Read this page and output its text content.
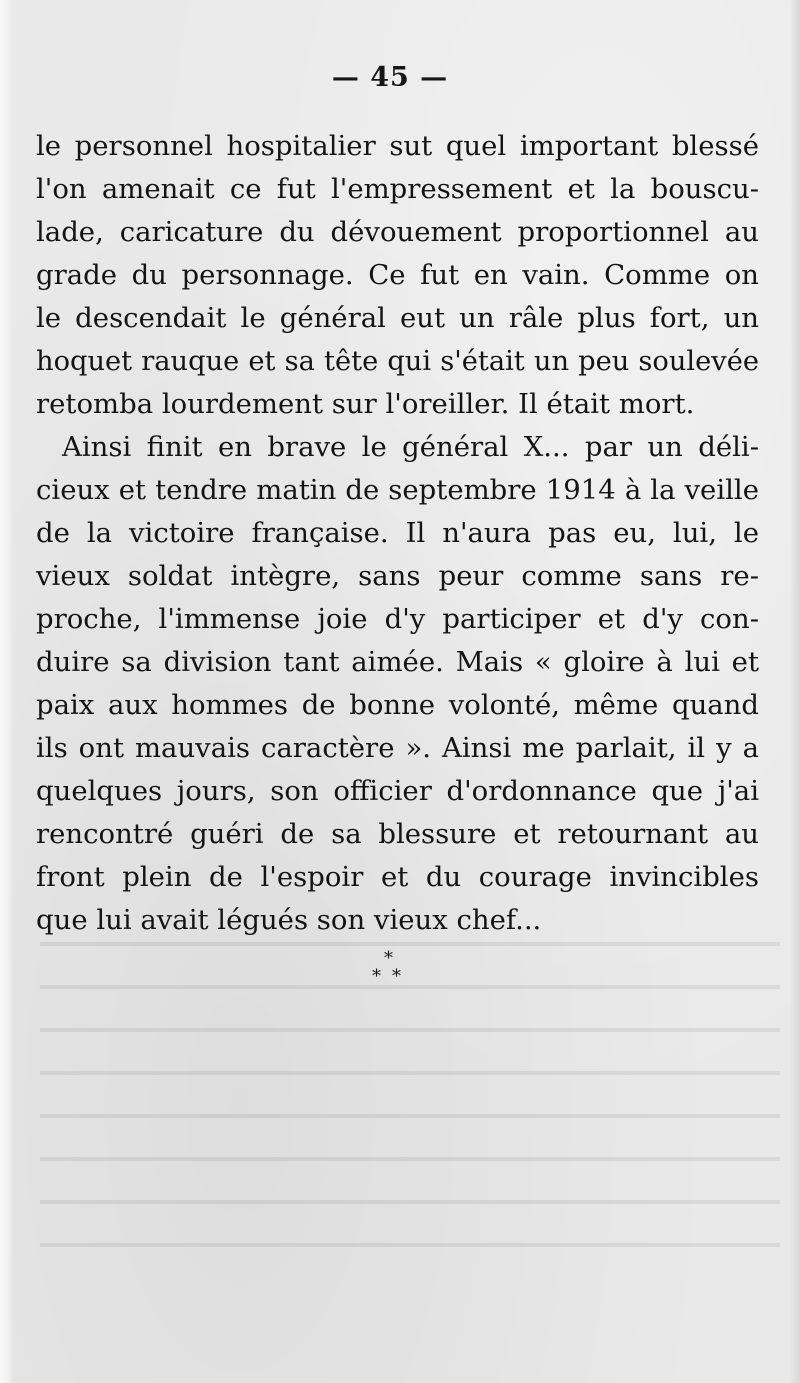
— 45 —
le personnel hospitalier sut quel important blessé
l'on amenait ce fut l'empressement et la bouscu-
lade, caricature du dévouement proportionnel au
grade du personnage. Ce fut en vain. Comme on
le descendait le général eut un râle plus fort, un
hoquet rauque et sa tête qui s'était un peu soulevée
retomba lourdement sur l'oreiller. Il était mort.
Ainsi finit en brave le général X... par un déli-
cieux et tendre matin de septembre 1914 à la veille
de la victoire française. Il n'aura pas eu, lui, le
vieux soldat intègre, sans peur comme sans re-
proche, l'immense joie d'y participer et d'y con-
duire sa division tant aimée. Mais « gloire à lui et
paix aux hommes de bonne volonté, même quand
ils ont mauvais caractère ». Ainsi me parlait, il y a
quelques jours, son officier d'ordonnance que j'ai
rencontré guéri de sa blessure et retournant au
front plein de l'espoir et du courage invincibles
que lui avait légués son vieux chef...
*
* *
